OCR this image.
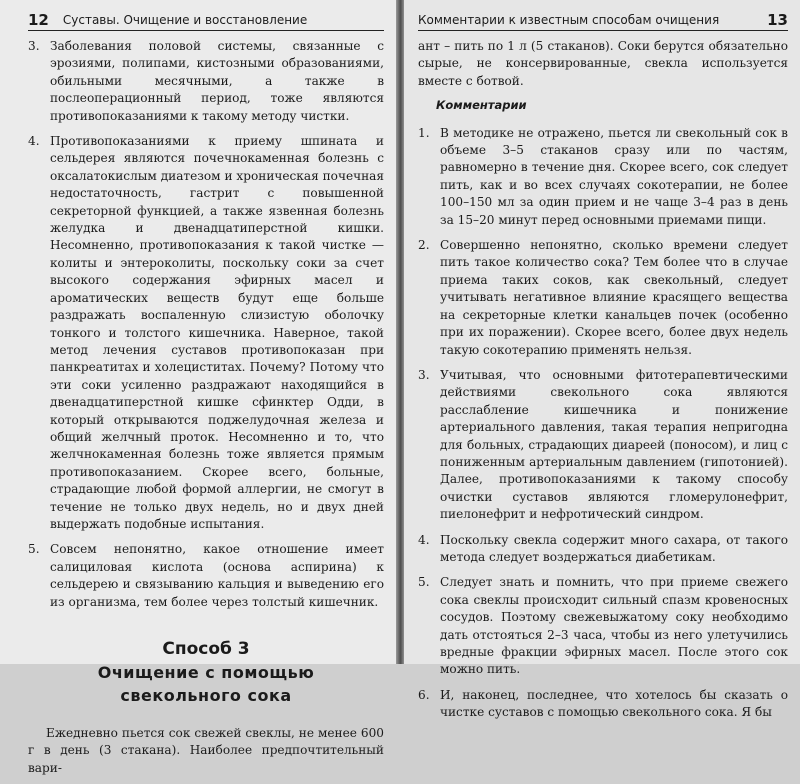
12 Суставы. Очищение и восстановление
3. Заболевания половой системы, связанные с эрозиями, полипами, кистозными образованиями, обильными месячными, а также в послеоперационный период, тоже являются противопоказаниями к такому методу чистки.
4. Противопоказаниями к приему шпината и сельдерея являются почечнокаменная болезнь с оксалатокислым диатезом и хроническая почечная недостаточность, гастрит с повышенной секреторной функцией, а также язвенная болезнь желудка и двенадцатиперстной кишки. Несомненно, противопоказания к такой чистке — колиты и энтероколиты, поскольку соки за счет высокого содержания эфирных масел и ароматических веществ будут еще больше раздражать воспаленную слизистую оболочку тонкого и толстого кишечника. Наверное, такой метод лечения суставов противопоказан при панкреатитах и холециститах. Почему? Потому что эти соки усиленно раздражают находящийся в двенадцатиперстной кишке сфинктер Одди, в который открываются поджелудочная железа и общий желчный проток. Несомненно и то, что желчнокаменная болезнь тоже является прямым противопоказанием. Скорее всего, больные, страдающие любой формой аллергии, не смогут в течение не только двух недель, но и двух дней выдержать подобные испытания.
5. Совсем непонятно, какое отношение имеет салициловая кислота (основа аспирина) к сельдерею и связыванию кальция и выведению его из организма, тем более через толстый кишечник.
Способ 3
Очищение с помощью
свекольного сока

Ежедневно пьется сок свежей свеклы, не менее 600 г в день (3 стакана). Наиболее предпочтительный вари-

Комментарии к известным способам очищения	13

ант – пить по 1 л (5 стаканов). Соки берутся обязательно сырые, не консервированные, свекла используется вместе с ботвой.

Комментарии
1. В методике не отражено, пьется ли свекольный сок в объеме 3–5 стаканов сразу или по частям, равномерно в течение дня. Скорее всего, сок следует пить, как и во всех случаях сокотерапии, не более 100–150 мл за один прием и не чаще 3–4 раз в день за 15–20 минут перед основными приемами пищи.
2. Совершенно непонятно, сколько времени следует пить такое количество сока? Тем более что в случае приема таких соков, как свекольный, следует учитывать негативное влияние красящего вещества на секреторные клетки канальцев почек (особенно при их поражении). Скорее всего, более двух недель такую сокотерапию применять нельзя.
3. Учитывая, что основными фитотерапевтическими действиями свекольного сока являются расслабление кишечника и понижение артериального давления, такая терапия непригодна для больных, страдающих диареей (поносом), и лиц с пониженным артериальным давлением (гипотонией). Далее, противопоказаниями к такому способу очистки суставов являются гломерулонефрит, пиелонефрит и нефротический синдром.
4. Поскольку свекла содержит много сахара, от такого метода следует воздержаться диабетикам.
5. Следует знать и помнить, что при приеме свежего сока свеклы происходит сильный спазм кровеносных сосудов. Поэтому свежевыжатому соку необходимо дать отстояться 2–3 часа, чтобы из него улетучились вредные фракции эфирных масел. После этого сок можно пить.
6. И, наконец, последнее, что хотелось бы сказать о чистке суставов с помощью свекольного сока. Я бы
